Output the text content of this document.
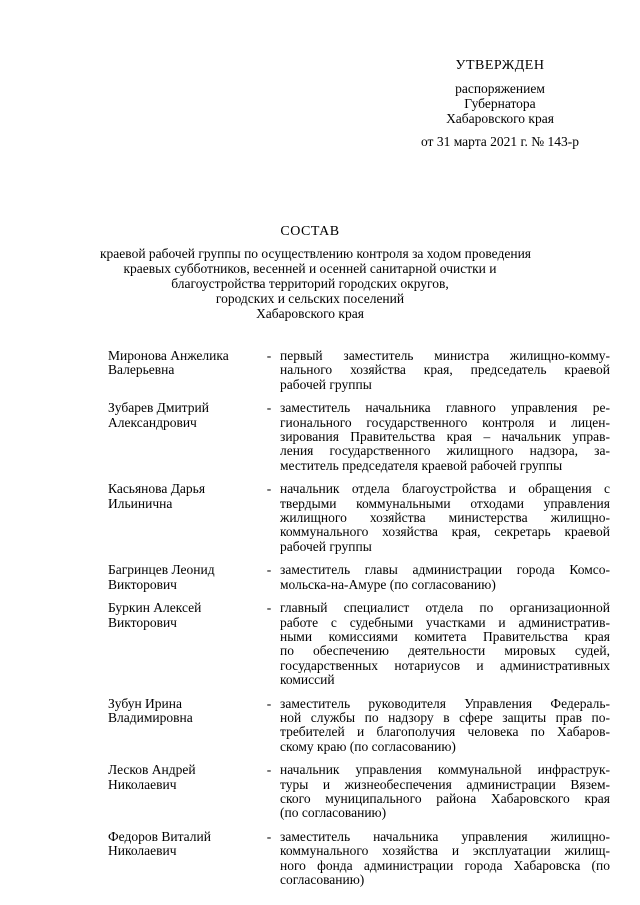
УТВЕРЖДЕН
распоряжением
Губернатора
Хабаровского края
от 31 марта 2021 г. № 143-р
СОСТАВ
краевой рабочей группы по осуществлению контроля за ходом проведения
краевых субботников, весенней и осенней санитарной очистки и
благоустройства территорий городских округов,
городских и сельских поселений
Хабаровского края
Миронова Анжелика
Валерьевна
- первый заместитель министра жилищно-комму-
нального хозяйства края, председатель краевой
рабочей группы
Зубарев Дмитрий
Александрович
- заместитель начальника главного управления ре-
гионального государственного контроля и лицен-
зирования Правительства края – начальник управ-
ления государственного жилищного надзора, за-
меститель председателя краевой рабочей группы
Касьянова Дарья
Ильинична
- начальник отдела благоустройства и обращения с
твердыми коммунальными отходами управления
жилищного хозяйства министерства жилищно-
коммунального хозяйства края, секретарь краевой
рабочей группы
Багринцев Леонид
Викторович
- заместитель главы администрации города Комсо-
мольска-на-Амуре (по согласованию)
Буркин Алексей
Викторович
- главный специалист отдела по организационной
работе с судебными участками и административ-
ными комиссиями комитета Правительства края
по обеспечению деятельности мировых судей,
государственных нотариусов и административных
комиссий
Зубун Ирина
Владимировна
- заместитель руководителя Управления Федераль-
ной службы по надзору в сфере защиты прав по-
требителей и благополучия человека по Хабаров-
скому краю (по согласованию)
Лесков Андрей
Николаевич
- начальник управления коммунальной инфраструк-
туры и жизнеобеспечения администрации Вязем-
ского муниципального района Хабаровского края
(по согласованию)
Федоров Виталий
Николаевич
- заместитель начальника управления жилищно-
коммунального хозяйства и эксплуатации жилищ-
ного фонда администрации города Хабаровска (по
согласованию)
